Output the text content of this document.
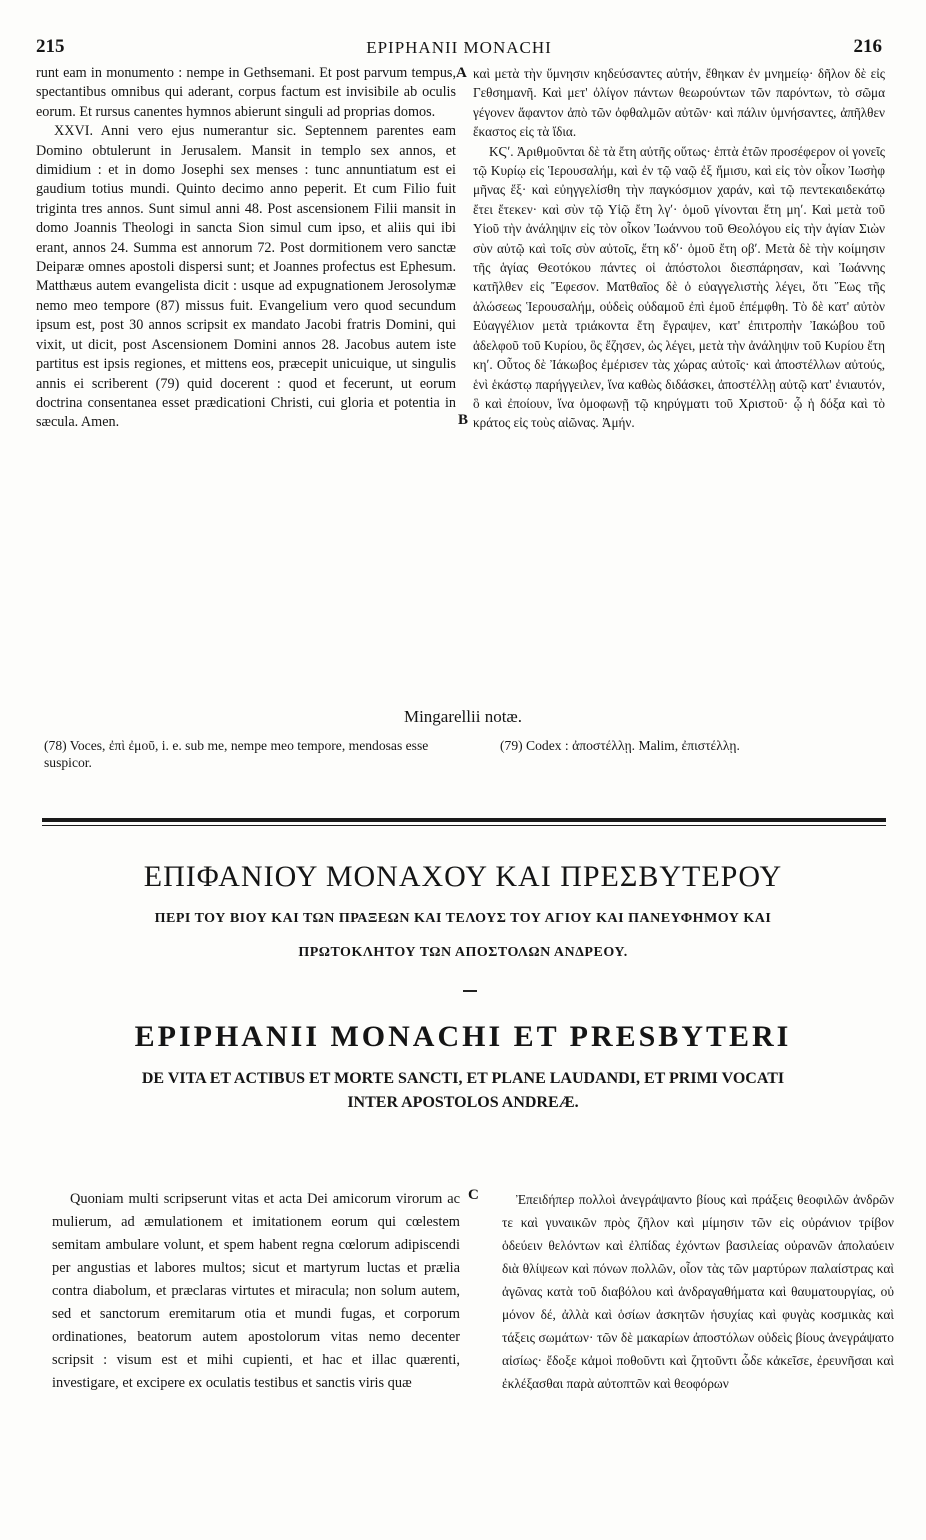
215	EPIPHANII MONACHI	216

runt eam in monumento : nempe in Gethsemani. Et post parvum tempus, spectantibus omnibus qui aderant, corpus factum est invisibile ab oculis eorum. Et rursus canentes hymnos abierunt singuli ad proprias domos.

XXVI. Anni vero ejus numerantur sic. Septennem parentes eam Domino obtulerunt in Jerusalem. Mansit in templo sex annos, et dimidium : et in domo Josephi sex menses : tunc annuntiatum est ei gaudium totius mundi. Quinto decimo anno peperit. Et cum Filio fuit triginta tres annos. Sunt simul anni 48. Post ascensionem Filii mansit in domo Joannis Theologi in sancta Sion simul cum ipso, et aliis qui ibi erant, annos 24. Summa est annorum 72. Post dormitionem vero sanctæ Deiparæ omnes apostoli dispersi sunt; et Joannes profectus est Ephesum. Matthæus autem evangelista dicit : usque ad expugnationem Jerosolymæ nemo meo tempore (87) missus fuit. Evangelium vero quod secundum ipsum est, post 30 annos scripsit ex mandato Jacobi fratris Domini, qui vixit, ut dicit, post Ascensionem Domini annos 28. Jacobus autem iste partitus est ipsis regiones, et mittens eos, præcepit unicuique, ut singulis annis ei scriberent (79) quid docerent : quod et fecerunt, ut eorum doctrina consentanea esset prædicationi Christi, cui gloria et potentia in sæcula. Amen.

καὶ μετὰ τὴν ὕμνησιν κηδεύσαντες αὐτήν, ἔθηκαν ἐν μνημείῳ· δῆλον δὲ εἰς Γεθσημανῆ. Καὶ μετ' ὀλίγον πάντων θεωρούντων τῶν παρόντων, τὸ σῶμα γέγονεν ἄφαντον ἀπὸ τῶν ὀφθαλμῶν αὐτῶν· καὶ πάλιν ὑμνήσαντες, ἀπῆλθεν ἕκαστος εἰς τὰ ἴδια.

ΚϚʹ. Ἀριθμοῦνται δὲ τὰ ἔτη αὐτῆς οὕτως· ἑπτὰ ἐτῶν προσέφερον οἱ γονεῖς τῷ Κυρίῳ εἰς Ἱερουσαλήμ, καὶ ἐν τῷ ναῷ ἐξ ἥμισυ, καὶ εἰς τὸν οἶκον Ἰωσὴφ μῆνας ἕξ· καὶ εὐηγγελίσθη τὴν παγκόσμιον χαράν, καὶ τῷ πεντεκαιδεκάτῳ ἔτει ἔτεκεν· καὶ σὺν τῷ Υἱῷ ἔτη λγʹ· ὁμοῦ γίνονται ἔτη μηʹ. Καὶ μετὰ τοῦ Υἱοῦ τὴν ἀνάληψιν εἰς τὸν οἶκον Ἰωάννου τοῦ Θεολόγου εἰς τὴν ἁγίαν Σιὼν σὺν αὐτῷ καὶ τοῖς σὺν αὐτοῖς, ἔτη κδʹ· ὁμοῦ ἔτη οβʹ. Μετὰ δὲ τὴν κοίμησιν τῆς ἁγίας Θεοτόκου πάντες οἱ ἀπόστολοι διεσπάρησαν, καὶ Ἰωάννης κατῆλθεν εἰς Ἔφεσον. Ματθαῖος δὲ ὁ εὐαγγελιστὴς λέγει, ὅτι Ἕως τῆς ἁλώσεως Ἱερουσαλήμ, οὐδεὶς οὐδαμοῦ ἐπὶ ἐμοῦ ἐπέμφθη. Τὸ δὲ κατ' αὐτὸν Εὐαγγέλιον μετὰ τριάκοντα ἔτη ἔγραψεν, κατ' ἐπιτροπὴν Ἰακώβου τοῦ ἀδελφοῦ τοῦ Κυρίου, ὃς ἔζησεν, ὡς λέγει, μετὰ τὴν ἀνάληψιν τοῦ Κυρίου ἔτη κηʹ. Οὗτος δὲ Ἰάκωβος ἐμέρισεν τὰς χώρας αὐτοῖς· καὶ ἀποστέλλων αὐτούς, ἑνὶ ἑκάστῳ παρήγγειλεν, ἵνα καθὼς διδάσκει, ἀποστέλλῃ αὐτῷ κατ' ἐνιαυτόν, ὃ καὶ ἐποίουν, ἵνα ὁμοφωνῇ τῷ κηρύγματι τοῦ Χριστοῦ· ᾧ ἡ δόξα καὶ τὸ κράτος εἰς τοὺς αἰῶνας. Ἀμήν.

A
B
C
Mingarellii notæ.
(78) Voces, ἐπὶ ἐμοῦ, i. e. sub me, nempe meo tempore, mendosas esse suspicor.
(79) Codex : ἀποστέλλῃ. Malim, ἐπιστέλλῃ.
ΕΠΙΦΑΝΙΟΥ ΜΟΝΑΧΟΥ ΚΑΙ ΠΡΕΣΒΥΤΕΡΟΥ
ΠΕΡΙ ΤΟΥ ΒΙΟΥ ΚΑΙ ΤΩΝ ΠΡΑΞΕΩΝ ΚΑΙ ΤΕΛΟΥΣ ΤΟΥ ΑΓΙΟΥ ΚΑΙ ΠΑΝΕΥΦΗΜΟΥ ΚΑΙ
ΠΡΩΤΟΚΛΗΤΟΥ ΤΩΝ ΑΠΟΣΤΟΛΩΝ ΑΝΔΡΕΟΥ.
EPIPHANII MONACHI ET PRESBYTERI
DE VITA ET ACTIBUS ET MORTE SANCTI, ET PLANE LAUDANDI, ET PRIMI VOCATI
INTER APOSTOLOS ANDREÆ.

Quoniam multi scripserunt vitas et acta Dei amicorum virorum ac mulierum, ad æmulationem et imitationem eorum qui cœlestem semitam ambulare volunt, et spem habent regna cœlorum adipiscendi per angustias et labores multos; sicut et martyrum luctas et prælia contra diabolum, et præclaras virtutes et miracula; non solum autem, sed et sanctorum eremitarum otia et mundi fugas, et corporum ordinationes, beatorum autem apostolorum vitas nemo decenter scripsit : visum est et mihi cupienti, et hac et illac quærenti, investigare, et excipere ex oculatis testibus et sanctis viris quæ

Ἐπειδήπερ πολλοὶ ἀνεγράψαντο βίους καὶ πράξεις θεοφιλῶν ἀνδρῶν τε καὶ γυναικῶν πρὸς ζῆλον καὶ μίμησιν τῶν εἰς οὐράνιον τρίβον ὁδεύειν θελόντων καὶ ἐλπίδας ἐχόντων βασιλείας οὐρανῶν ἀπολαύειν διὰ θλίψεων καὶ πόνων πολλῶν, οἷον τὰς τῶν μαρτύρων παλαίστρας καὶ ἀγῶνας κατὰ τοῦ διαβόλου καὶ ἀνδραγαθήματα καὶ θαυματουργίας, οὐ μόνον δέ, ἀλλὰ καὶ ὁσίων ἀσκητῶν ἡσυχίας καὶ φυγὰς κοσμικὰς καὶ τάξεις σωμάτων· τῶν δὲ μακαρίων ἀποστόλων οὐδεὶς βίους ἀνεγράψατο αἰσίως· ἔδοξε κἀμοὶ ποθοῦντι καὶ ζητοῦντι ὧδε κἀκεῖσε, ἐρευνῆσαι καὶ ἐκλέξασθαι παρὰ αὐτοπτῶν καὶ θεοφόρων
